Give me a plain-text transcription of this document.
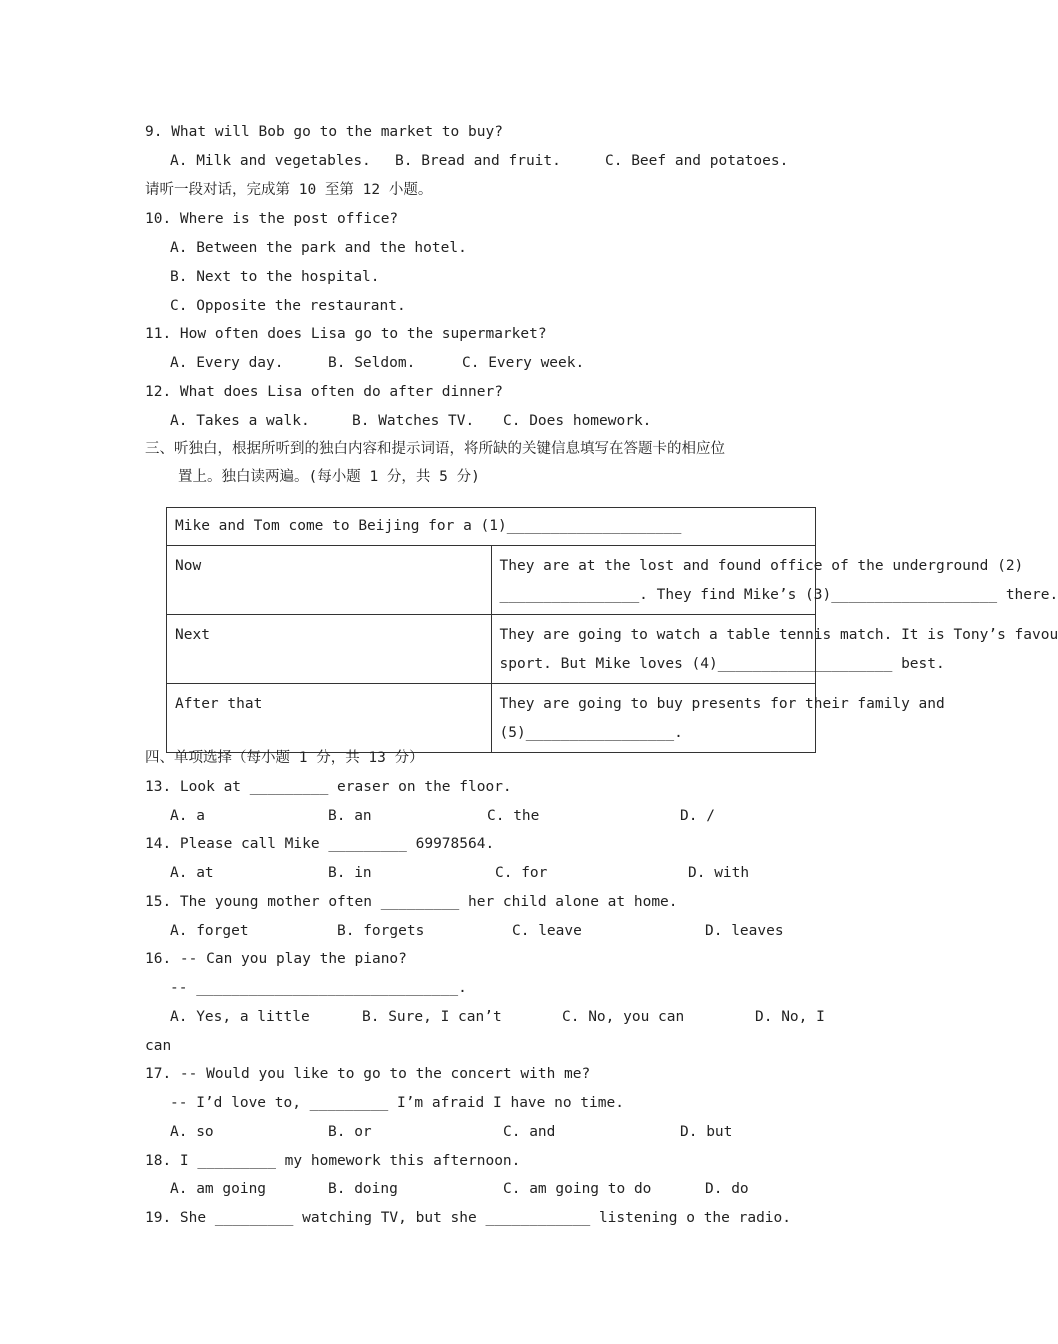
9. What will Bob go to the market to buy?
A. Milk and vegetables. B. Bread and fruit.	C. Beef and potatoes.
请听一段对话，完成第 10 至第 12 小题。
10. Where is the post office?
A. Between the park and the hotel.
B. Next to the hospital.
C. Opposite the restaurant.
11. How often does Lisa go to the supermarket?
A. Every day.	B. Seldom.	C. Every week.
12. What does Lisa often do after dinner?
A. Takes a walk.	B. Watches TV. C. Does homework.
三、听独白，根据所听到的独白内容和提示词语，将所缺的关键信息填写在答题卡的相应位
置上。独白读两遍。(每小题 1 分，共 5 分)
Mike and Tom come to Beijing for a (1)____________________	
Now	They are at the lost and found office of the underground (2)
________________. They find Mike’s (3)___________________ there.

Next	They are going to watch a table tennis match. It is Tony’s favou
sport. But Mike loves (4)____________________ best.

After that	They are going to buy presents for their family and
(5)_________________.
四、单项选择（每小题 1 分，共 13 分）
13. Look at _________ eraser on the floor.
A. a	B. an	C. the	D. /
14. Please call Mike _________ 69978564.
A. at	B. in	C. for	D. with
15. The young mother often _________ her child alone at home.
A. forget	B. forgets	C. leave	D. leaves
16. -- Can you play the piano?
-- ______________________________.
A. Yes, a little	B. Sure, I can’t	C. No, you can	D. No, I
can
17. -- Would you like to go to the concert with me?
-- I’d love to, _________ I’m afraid I have no time.
A. so	B. or	C. and	D. but
18. I _________ my homework this afternoon.
A. am going	B. doing	C. am going to do	D. do
19. She _________ watching TV, but she ____________ listening o the radio.
